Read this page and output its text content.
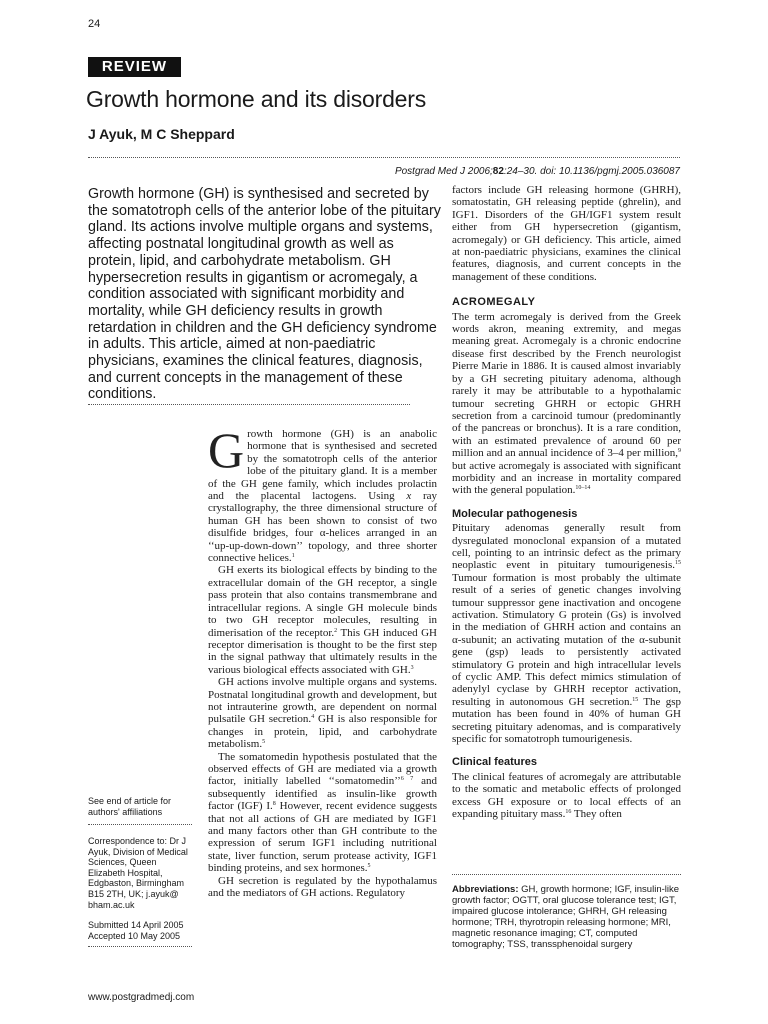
24
REVIEW
Growth hormone and its disorders
J Ayuk, M C Sheppard
Postgrad Med J 2006;82:24–30. doi: 10.1136/pgmj.2005.036087
Growth hormone (GH) is synthesised and secreted by the somatotroph cells of the anterior lobe of the pituitary gland. Its actions involve multiple organs and systems, affecting postnatal longitudinal growth as well as protein, lipid, and carbohydrate metabolism. GH hypersecretion results in gigantism or acromegaly, a condition associated with significant morbidity and mortality, while GH deficiency results in growth retardation in children and the GH deficiency syndrome in adults. This article, aimed at non-paediatric physicians, examines the clinical features, diagnosis, and current concepts in the management of these conditions.
See end of article for authors' affiliations
Correspondence to: Dr J Ayuk, Division of Medical Sciences, Queen Elizabeth Hospital, Edgbaston, Birmingham B15 2TH, UK; j.ayuk@ bham.ac.uk
Submitted 14 April 2005
Accepted 10 May 2005

Growth hormone (GH) is an anabolic hormone that is synthesised and secreted by the somatotroph cells of the anterior lobe of the pituitary gland. It is a member of the GH gene family, which includes prolactin and the placental lactogens. Using x ray crystallography, the three dimensional structure of human GH has been shown to consist of two disulfide bridges, four α-helices arranged in an ‘‘up-up-down-down’’ topology, and three shorter connective helices.$^1$

GH exerts its biological effects by binding to the extracellular domain of the GH receptor, a single pass protein that also contains transmembrane and intracellular regions. A single GH molecule binds to two GH receptor molecules, resulting in dimerisation of the receptor.$^2$ This GH induced GH receptor dimerisation is thought to be the first step in the signal pathway that ultimately results in the various biological effects associated with GH.$^3$

GH actions involve multiple organs and systems. Postnatal longitudinal growth and development, but not intrauterine growth, are dependent on normal pulsatile GH secretion.$^4$ GH is also responsible for changes in protein, lipid, and carbohydrate metabolism.$^5$

The somatomedin hypothesis postulated that the observed effects of GH are mediated via a growth factor, initially labelled ‘‘somatomedin’’$^{6 7}$ and subsequently identified as insulin-like growth factor (IGF) I.$^8$ However, recent evidence suggests that not all actions of GH are mediated by IGF1 and many factors other than GH contribute to the expression of serum IGF1 including nutritional state, liver function, serum protease activity, IGF1 binding proteins, and sex hormones.$^5$

GH secretion is regulated by the hypothalamus and the mediators of GH actions. Regulatory

factors include GH releasing hormone (GHRH), somatostatin, GH releasing peptide (ghrelin), and IGF1. Disorders of the GH/IGF1 system result either from GH hypersecretion (gigantism, acromegaly) or GH deficiency. This article, aimed at non-paediatric physicians, examines the clinical features, diagnosis, and current concepts in the management of these conditions.

ACROMEGALY

The term acromegaly is derived from the Greek words akron, meaning extremity, and megas meaning great. Acromegaly is a chronic endocrine disease first described by the French neurologist Pierre Marie in 1886. It is caused almost invariably by a GH secreting pituitary adenoma, although rarely it may be attributable to a hypothalamic tumour secreting GHRH or ectopic GHRH secretion from a carcinoid tumour (predominantly of the pancreas or bronchus). It is a rare condition, with an estimated prevalence of around 60 per million and an annual incidence of 3–4 per million,$^9$ but active acromegaly is associated with significant morbidity and an increase in mortality compared with the general population.$^{10-14}$

Molecular pathogenesis

Pituitary adenomas generally result from dysregulated monoclonal expansion of a mutated cell, pointing to an intrinsic defect as the primary neoplastic event in pituitary tumourigenesis.$^{15}$ Tumour formation is most probably the ultimate result of a series of genetic changes involving tumour suppressor gene inactivation and oncogene activation. Stimulatory G protein (Gs) is involved in the mediation of GHRH action and contains an α-subunit; an activating mutation of the α-subunit gene (gsp) leads to persistently activated stimulatory G protein and high intracellular levels of cyclic AMP. This defect mimics stimulation of adenylyl cyclase by GHRH receptor activation, resulting in autonomous GH secretion.$^{15}$ The gsp mutation has been found in 40% of human GH secreting pituitary adenomas, and is comparatively specific for somatotroph tumourigenesis.

Clinical features

The clinical features of acromegaly are attributable to the somatic and metabolic effects of prolonged excess GH exposure or to local effects of an expanding pituitary mass.$^{16}$ They often

Abbreviations: GH, growth hormone; IGF, insulin-like growth factor; OGTT, oral glucose tolerance test; IGT, impaired glucose intolerance; GHRH, GH releasing hormone; TRH, thyrotropin releasing hormone; MRI, magnetic resonance imaging; CT, computed tomography; TSS, transsphenoidal surgery
www.postgradmedj.com
